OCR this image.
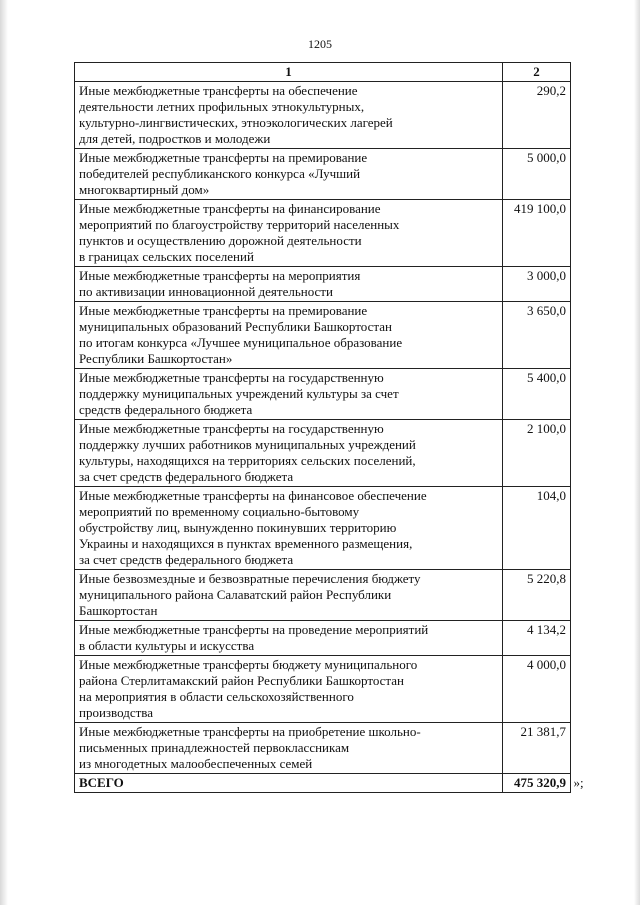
1205
1	2
Иные межбюджетные трансферты на обеспечение
деятельности летних профильных этнокультурных,
культурно-лингвистических, этноэкологических лагерей
для детей, подростков и молодежи	290,2
Иные межбюджетные трансферты на премирование
победителей республиканского конкурса «Лучший
многоквартирный дом»	5 000,0
Иные межбюджетные трансферты на финансирование
мероприятий по благоустройству территорий населенных
пунктов и осуществлению дорожной деятельности
в границах сельских поселений	419 100,0
Иные межбюджетные трансферты на мероприятия
по активизации инновационной деятельности	3 000,0
Иные межбюджетные трансферты на премирование
муниципальных образований Республики Башкортостан
по итогам конкурса «Лучшее муниципальное образование
Республики Башкортостан»	3 650,0
Иные межбюджетные трансферты на государственную
поддержку муниципальных учреждений культуры за счет
средств федерального бюджета	5 400,0
Иные межбюджетные трансферты на государственную
поддержку лучших работников муниципальных учреждений
культуры, находящихся на территориях сельских поселений,
за счет средств федерального бюджета	2 100,0
Иные межбюджетные трансферты на финансовое обеспечение
мероприятий по временному социально-бытовому
обустройству лиц, вынужденно покинувших территорию
Украины и находящихся в пунктах временного размещения,
за счет средств федерального бюджета	104,0
Иные безвозмездные и безвозвратные перечисления бюджету
муниципального района Салаватский район Республики
Башкортостан	5 220,8
Иные межбюджетные трансферты на проведение мероприятий
в области культуры и искусства	4 134,2
Иные межбюджетные трансферты бюджету муниципального
района Стерлитамакский район Республики Башкортостан
на мероприятия в области сельскохозяйственного
производства	4 000,0
Иные межбюджетные трансферты на приобретение школьно-
письменных принадлежностей первоклассникам
из многодетных малообеспеченных семей	21 381,7
ВСЕГО	475 320,9 »;
